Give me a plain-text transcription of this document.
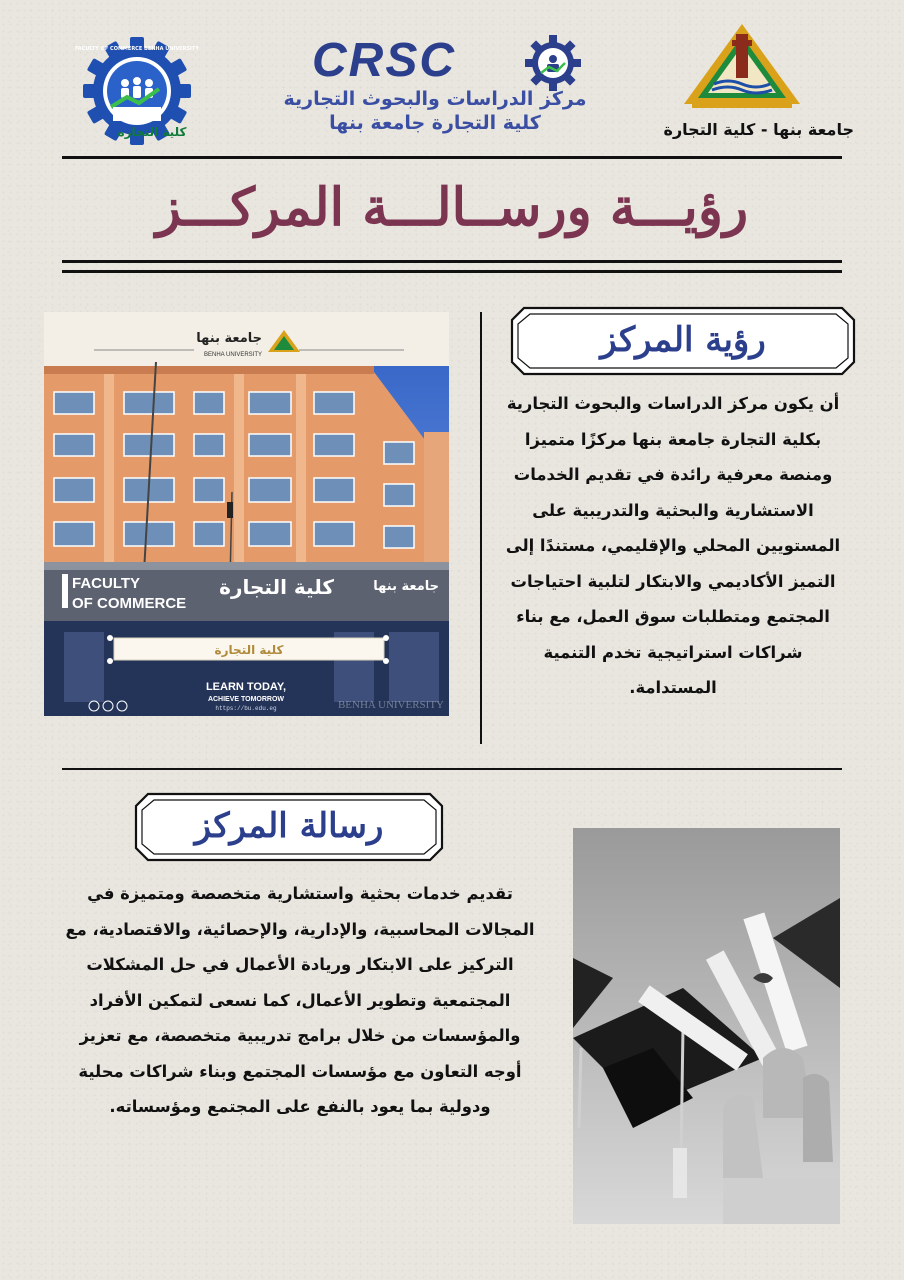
كلية التجارة
FACULTY OF COMMERCE BENHA UNIVERSITY CRSC
مركز الدراسات والبحوث التجارية
كلية التجارة جامعة بنها	جامعة بنها - كلية التجارة
رؤيـــة ورســالـــة المركـــز
رؤية المركز
أن يكون مركز الدراسات والبحوث التجارية بكلية التجارة جامعة بنها مركزًا متميزا ومنصة معرفية رائدة في تقديم الخدمات الاستشارية والبحثية والتدريبية على المستويين المحلي والإقليمي، مستندًا إلى التميز الأكاديمي والابتكار لتلبية احتياجات المجتمع ومتطلبات سوق العمل، مع بناء شراكات استراتيجية تخدم التنمية المستدامة.
جامعة بنها
BENHA UNIVERSITY
FACULTY
OF COMMERCE
كلية التجارة	جامعة بنها
كلية التجارة
LEARN TODAY,
ACHIEVE TOMORROW
https://bu.edu.eg	BENHA UNIVERSITY
رسالة المركز
تقديم خدمات بحثية واستشارية متخصصة ومتميزة في المجالات المحاسبية، والإدارية، والإحصائية، والاقتصادية، مع التركيز على الابتكار وريادة الأعمال في حل المشكلات المجتمعية وتطوير الأعمال، كما نسعى لتمكين الأفراد والمؤسسات من خلال برامج تدريبية متخصصة، مع تعزيز أوجه التعاون مع مؤسسات المجتمع وبناء شراكات محلية ودولية بما يعود بالنفع على المجتمع ومؤسساته.
